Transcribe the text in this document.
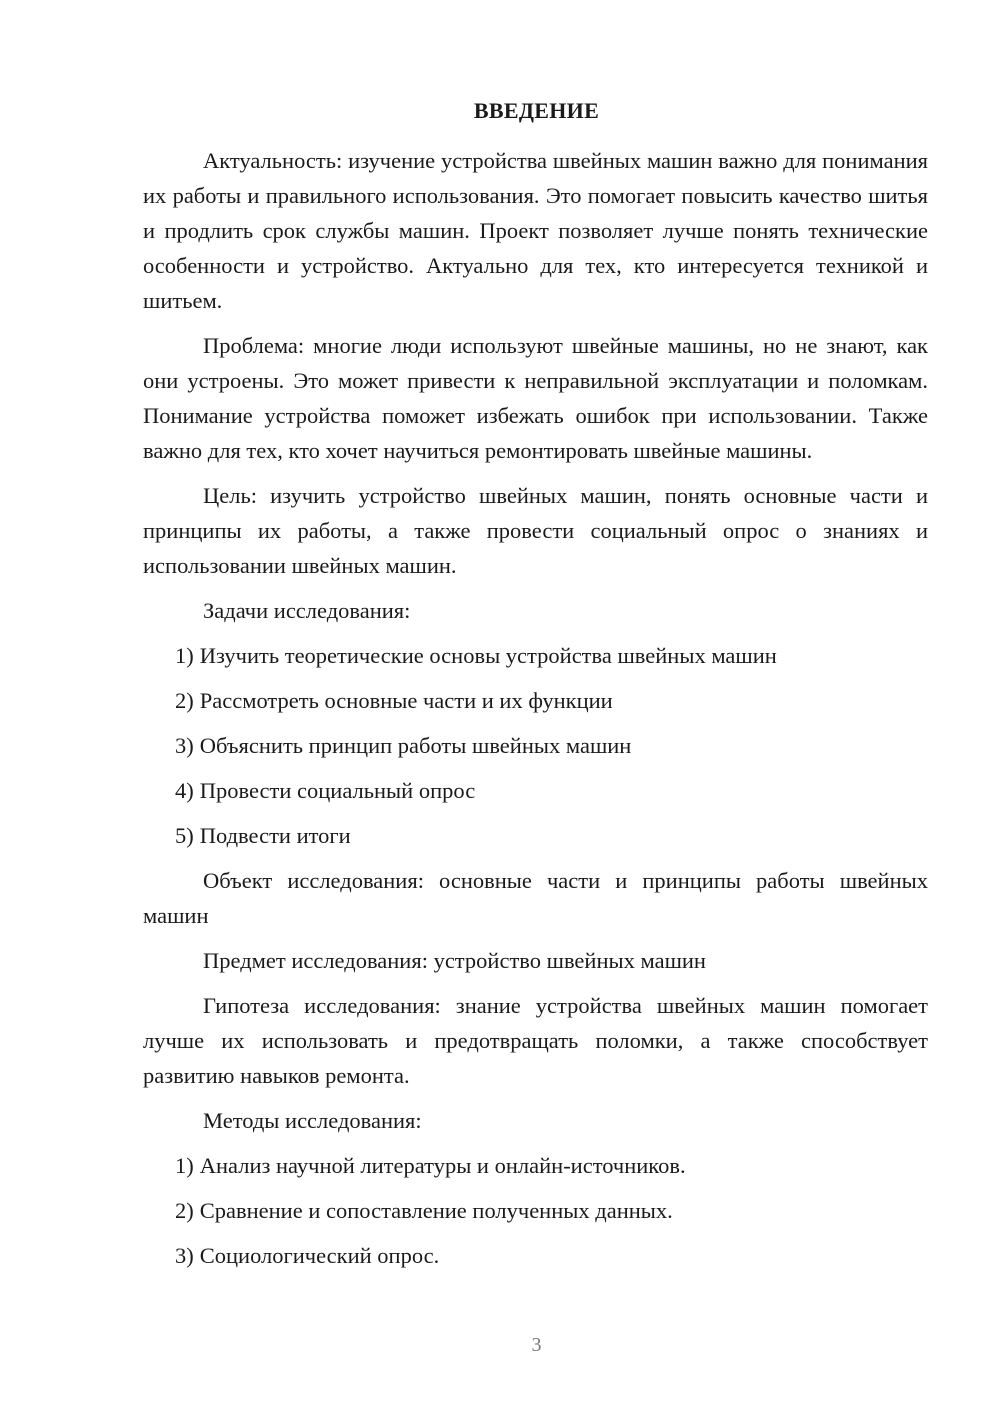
ВВЕДЕНИЕ

Актуальность: изучение устройства швейных машин важно для понимания их работы и правильного использования. Это помогает повысить качество шитья и продлить срок службы машин. Проект позволяет лучше понять технические особенности и устройство. Актуально для тех, кто интересуется техникой и шитьем.

Проблема: многие люди используют швейные машины, но не знают, как они устроены. Это может привести к неправильной эксплуатации и поломкам. Понимание устройства поможет избежать ошибок при использовании. Также важно для тех, кто хочет научиться ремонтировать швейные машины.

Цель: изучить устройство швейных машин, понять основные части и принципы их работы, а также провести социальный опрос о знаниях и использовании швейных машин.

Задачи исследования:

1) Изучить теоретические основы устройства швейных машин
2) Рассмотреть основные части и их функции
3) Объяснить принцип работы швейных машин
4) Провести социальный опрос
5) Подвести итоги

Объект исследования: основные части и принципы работы швейных машин

Предмет исследования: устройство швейных машин

Гипотеза исследования: знание устройства швейных машин помогает лучше их использовать и предотвращать поломки, а также способствует развитию навыков ремонта.

Методы исследования:

1) Анализ научной литературы и онлайн-источников.
2) Сравнение и сопоставление полученных данных.
3) Социологический опрос.
3
